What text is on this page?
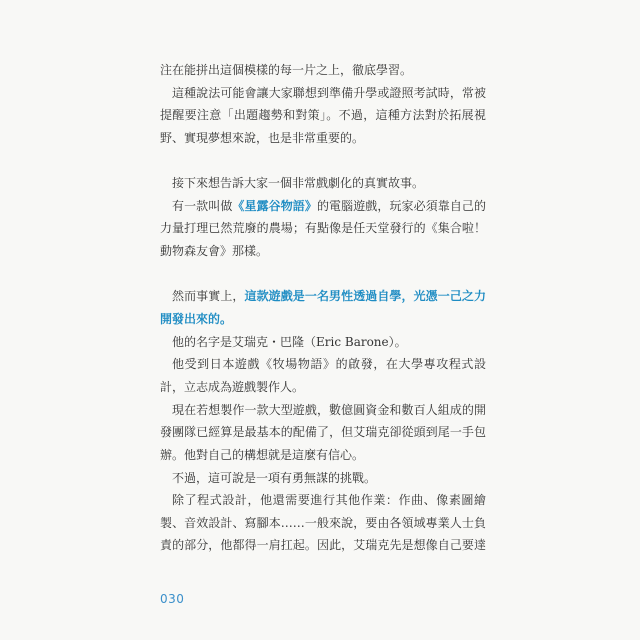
注在能拼出這個模樣的每一片之上，徹底學習。
這種說法可能會讓大家聯想到準備升學或證照考試時，常被
提醒要注意「出題趨勢和對策」。不過，這種方法對於拓展視
野、實現夢想來說，也是非常重要的。
接下來想告訴大家一個非常戲劇化的真實故事。
有一款叫做《星露谷物語》的電腦遊戲，玩家必須靠自己的
力量打理已然荒廢的農場；有點像是任天堂發行的《集合啦！
動物森友會》那樣。
然而事實上，這款遊戲是一名男性透過自學，光憑一己之力
開發出來的。
他的名字是艾瑞克・巴隆（Eric Barone）。
他受到日本遊戲《牧場物語》的啟發，在大學專攻程式設
計，立志成為遊戲製作人。
現在若想製作一款大型遊戲，數億圓資金和數百人組成的開
發團隊已經算是最基本的配備了，但艾瑞克卻從頭到尾一手包
辦。他對自己的構想就是這麼有信心。
不過，這可說是一項有勇無謀的挑戰。
除了程式設計，他還需要進行其他作業：作曲、像素圖繪
製、音效設計、寫腳本……一般來說，要由各領域專業人士負
責的部分，他都得一肩扛起。因此，艾瑞克先是想像自己要達
030
